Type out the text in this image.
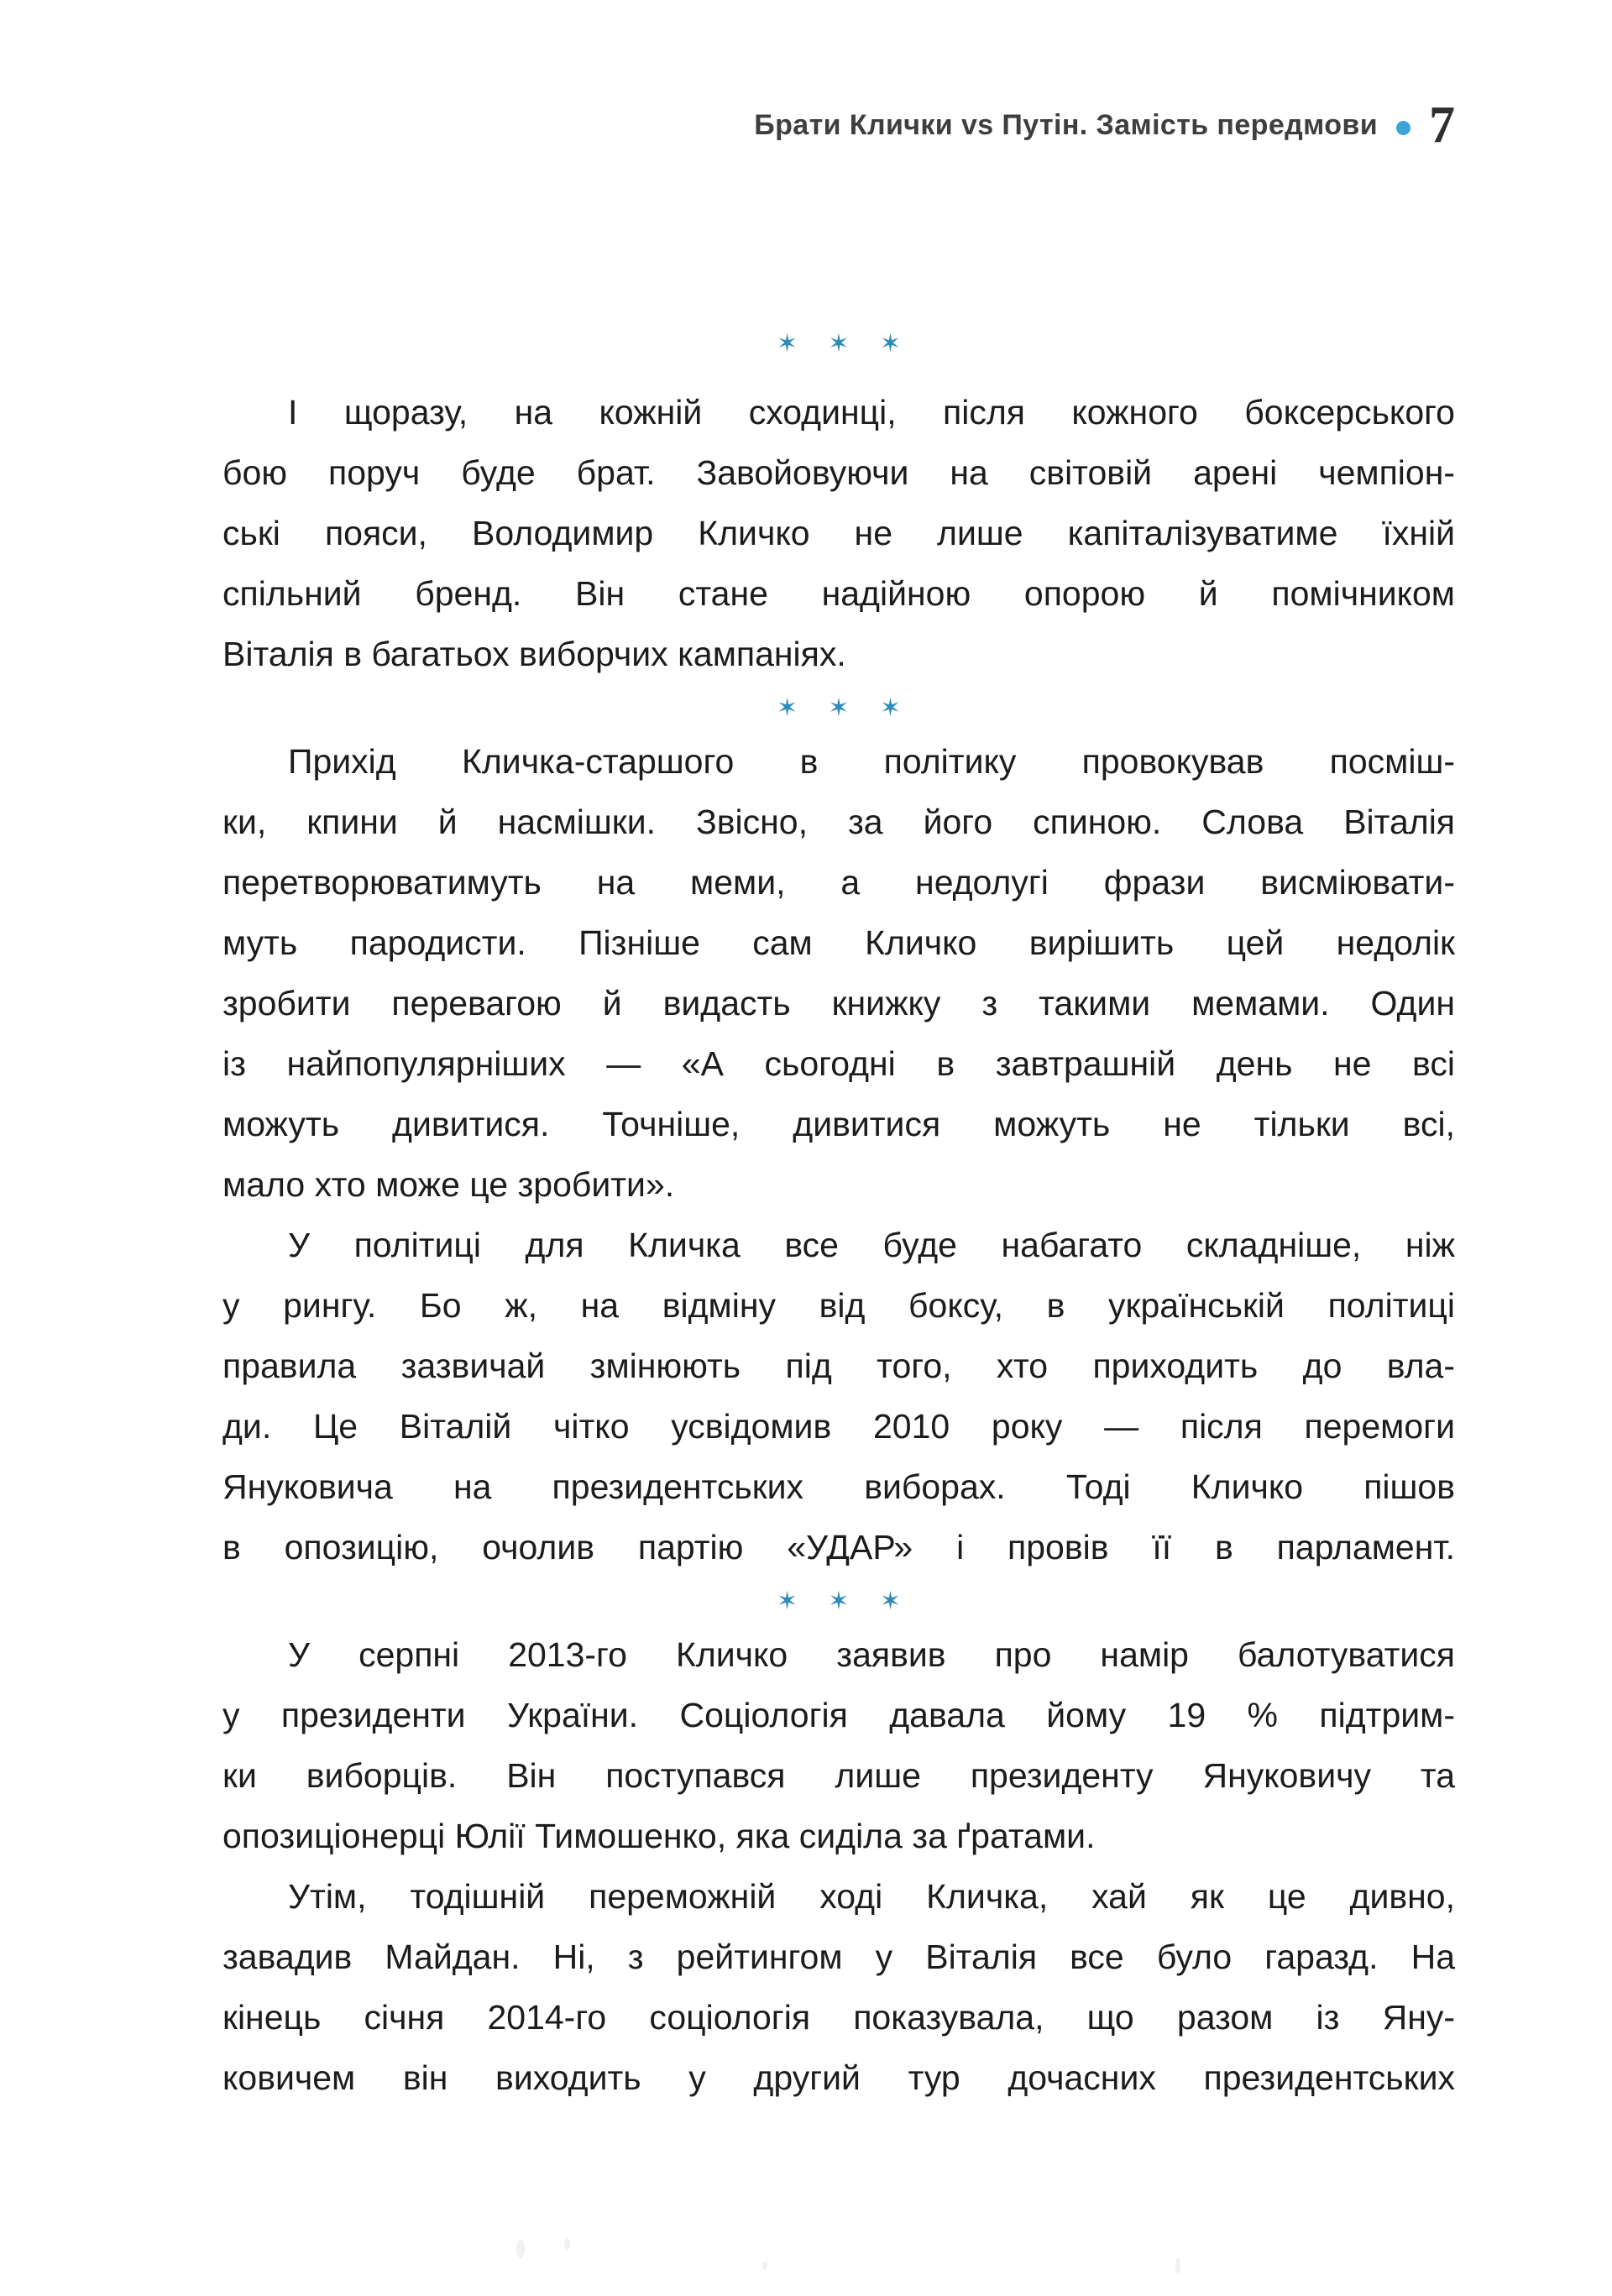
Брати Клички vs Путін. Замість передмови 7
✶ ✶ ✶
І щоразу, на кожній сходинці, після кожного боксерського
бою поруч буде брат. Завойовуючи на світовій арені чемпіон-
ські пояси, Володимир Кличко не лише капіталізуватиме їхній
спільний бренд. Він стане надійною опорою й помічником
Віталія в багатьох виборчих кампаніях.
✶ ✶ ✶
Прихід Кличка-старшого в політику провокував посміш-
ки, кпини й насмішки. Звісно, за його спиною. Слова Віталія
перетворюватимуть на меми, а недолугі фрази висміювати-
муть пародисти. Пізніше сам Кличко вирішить цей недолік
зробити перевагою й видасть книжку з такими мемами. Один
із найпопулярніших — «А сьогодні в завтрашній день не всі
можуть дивитися. Точніше, дивитися можуть не тільки всі,
мало хто може це зробити».
У політиці для Кличка все буде набагато складніше, ніж
у рингу. Бо ж, на відміну від боксу, в українській політиці
правила зазвичай змінюють під того, хто приходить до вла-
ди. Це Віталій чітко усвідомив 2010 року — після перемоги
Януковича на президентських виборах. Тоді Кличко пішов
в опозицію, очолив партію «УДАР» і провів її в парламент.
✶ ✶ ✶
У серпні 2013-го Кличко заявив про намір балотуватися
у президенти України. Соціологія давала йому 19 % підтрим-
ки виборців. Він поступався лише президенту Януковичу та
опозиціонерці Юлії Тимошенко, яка сиділа за ґратами.
Утім, тодішній переможній ході Кличка, хай як це дивно,
завадив Майдан. Ні, з рейтингом у Віталія все було гаразд. На
кінець січня 2014-го соціологія показувала, що разом із Яну-
ковичем він виходить у другий тур дочасних президентських
